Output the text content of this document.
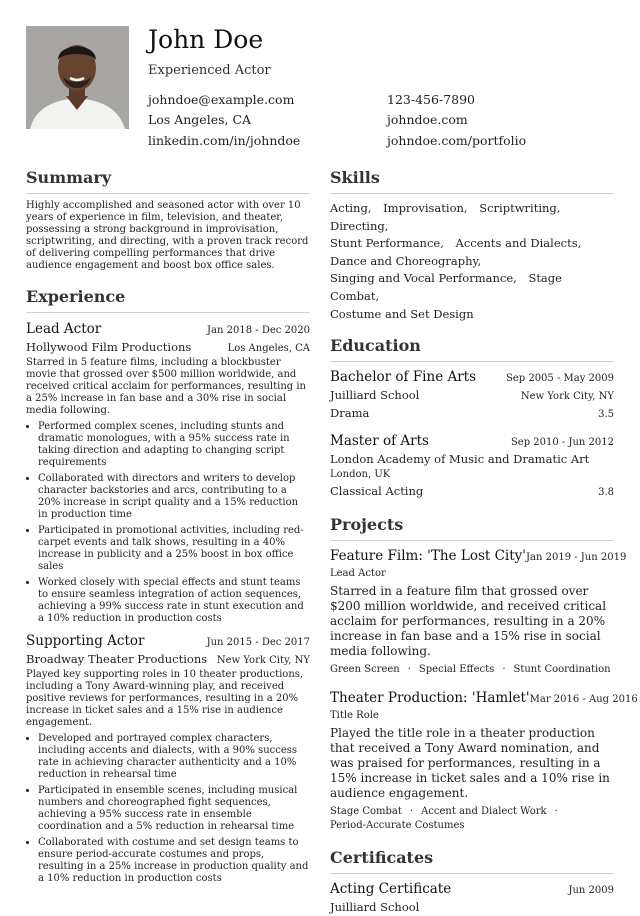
John Doe
Experienced Actor
johndoe@example.com	123-456-7890
Los Angeles, CA	johndoe.com
linkedin.com/in/johndoe	johndoe.com/portfolio
Summary

Highly accomplished and seasoned actor with over 10 years of experience in film, television, and theater, possessing a strong background in improvisation, scriptwriting, and directing, with a proven track record of delivering compelling performances that drive audience engagement and boost box office sales.

Experience
Lead Actor	Jan 2018 - Dec 2020
Hollywood Film Productions	Los Angeles, CA

Starred in 5 feature films, including a blockbuster movie that grossed over $500 million worldwide, and received critical acclaim for performances, resulting in a 25% increase in fan base and a 30% rise in social media following.

• Performed complex scenes, including stunts and dramatic monologues, with a 95% success rate in taking direction and adapting to changing script requirements
• Collaborated with directors and writers to develop character backstories and arcs, contributing to a 20% increase in script quality and a 15% reduction in production time
• Participated in promotional activities, including red-carpet events and talk shows, resulting in a 40% increase in publicity and a 25% boost in box office sales
• Worked closely with special effects and stunt teams to ensure seamless integration of action sequences, achieving a 99% success rate in stunt execution and a 10% reduction in production costs
Supporting Actor	Jun 2015 - Dec 2017
Broadway Theater Productions New York City, NY

Played key supporting roles in 10 theater productions, including a Tony Award-winning play, and received positive reviews for performances, resulting in a 20% increase in ticket sales and a 15% rise in audience engagement.

• Developed and portrayed complex characters, including accents and dialects, with a 90% success rate in achieving character authenticity and a 10% reduction in rehearsal time
• Participated in ensemble scenes, including musical numbers and choreographed fight sequences, achieving a 95% success rate in ensemble coordination and a 5% reduction in rehearsal time
• Collaborated with costume and set design teams to ensure period-accurate costumes and props, resulting in a 25% increase in production quality and a 10% reduction in production costs
Skills
Acting, Improvisation, Scriptwriting, Directing,
Stunt Performance, Accents and Dialects,
Dance and Choreography,
Singing and Vocal Performance, Stage Combat,
Costume and Set Design
Education
Bachelor of Fine Arts	Sep 2005 - May 2009
Juilliard School	New York City, NY
Drama	3.5
Master of Arts	Sep 2010 - Jun 2012
London Academy of Music and Dramatic Art
London, UK
Classical Acting	3.8
Projects
Feature Film: 'The Lost City' Jan 2019 - Jun 2019
Lead Actor
Starred in a feature film that grossed over $200 million worldwide, and received critical acclaim for performances, resulting in a 20% increase in fan base and a 15% rise in social media following.
Green Screen · Special Effects · Stunt Coordination
Theater Production: 'Hamlet' Mar 2016 - Aug 2016
Title Role
Played the title role in a theater production that received a Tony Award nomination, and was praised for performances, resulting in a 15% increase in ticket sales and a 10% rise in audience engagement.
Stage Combat · Accent and Dialect Work ·
Period-Accurate Costumes
Certificates
Acting Certificate	Jun 2009
Juilliard School
